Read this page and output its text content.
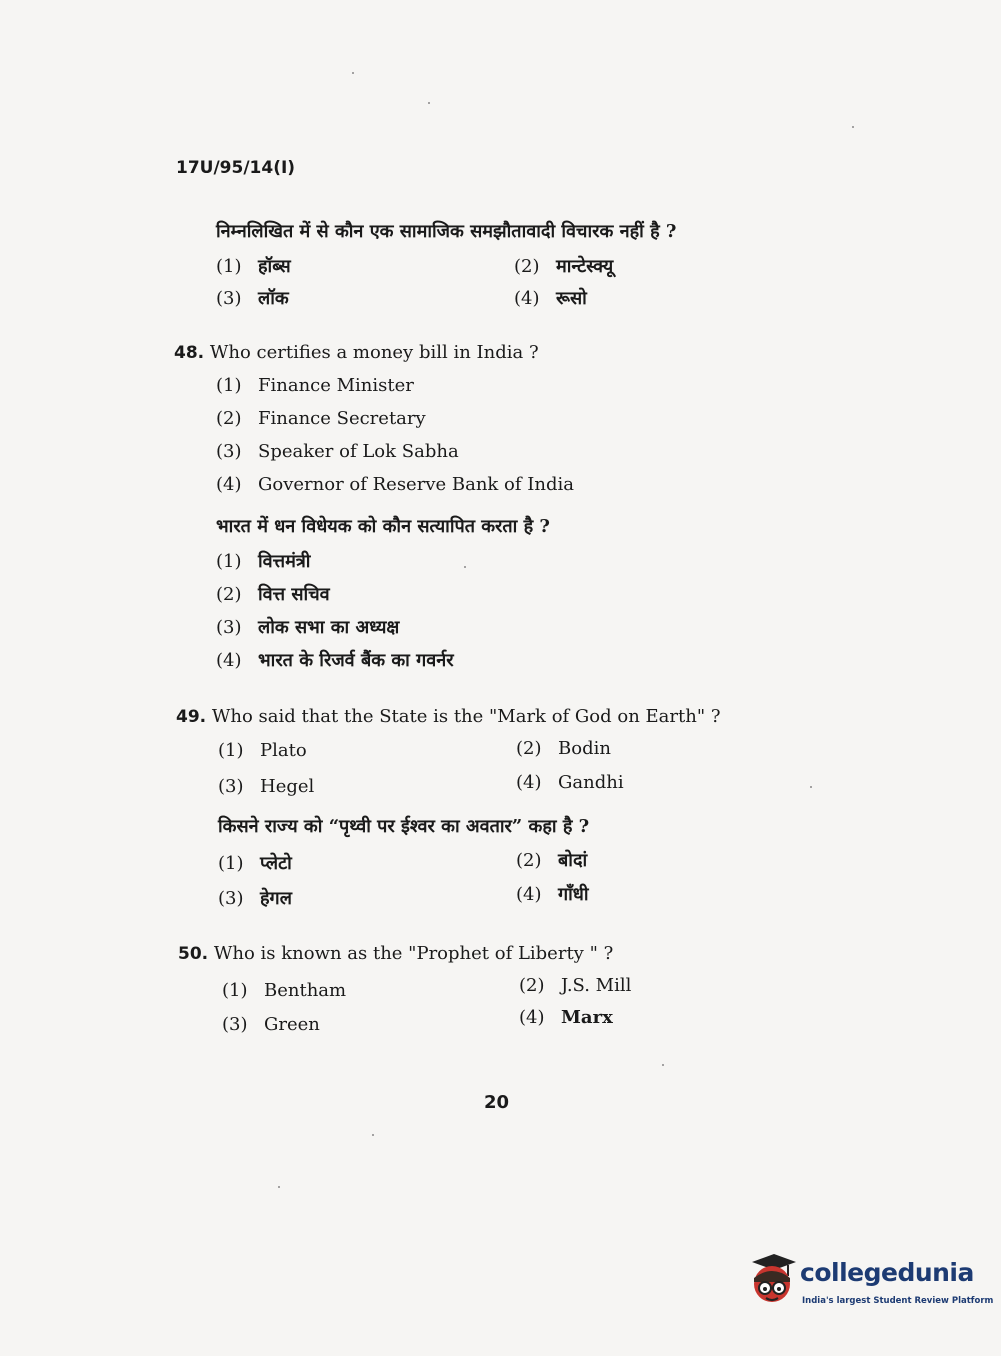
17U/95/14(I)
निम्नलिखित में से कौन एक सामाजिक समझौतावादी विचारक नहीं है ?
(1) हॉब्स	(2) मान्टेस्क्यू
(3) लॉक	(4) रूसो
48. Who certifies a money bill in India ?
(1) Finance Minister
(2) Finance Secretary
(3) Speaker of Lok Sabha
(4) Governor of Reserve Bank of India
भारत में धन विधेयक को कौन सत्यापित करता है ?
(1) वित्तमंत्री
(2) वित्त सचिव
(3) लोक सभा का अध्यक्ष
(4) भारत के रिजर्व बैंक का गवर्नर
49. Who said that the State is the "Mark of God on Earth" ?
(1) Plato	(2) Bodin
(3) Hegel	(4) Gandhi
किसने राज्य को “पृथ्वी पर ईश्वर का अवतार” कहा है ?
(1) प्लेटो	(2) बोदां
(3) हेगल	(4) गाँधी
50. Who is known as the "Prophet of Liberty " ?
(1) Bentham	(2) J.S. Mill
(3) Green	(4) Marx
20
collegedunia
India's largest Student Review Platform
